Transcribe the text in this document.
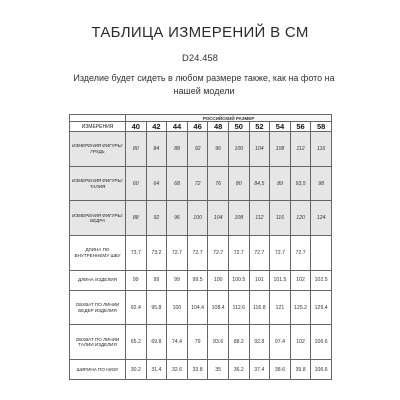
ТАБЛИЦА ИЗМЕРЕНИЙ В СМ
D24.458
Изделие будет сидеть в любом размере также, как на фото на нашей модели
	РОССИЙСКИЙ РАЗМЕР									
ИЗМЕРЕНИЯ	40	42	44	46	48	50	52	54	56	58
ИЗМЕРЕНИЯ ФИГУРЫ: ГРУДЬ	80	84	88	92	96	100	104	108	112	116
ИЗМЕРЕНИЯ ФИГУРЫ: ТАЛИЯ	60	64	68	72	76	80	84,5	89	93,5	98
ИЗМЕРЕНИЯ ФИГУРЫ: БЕДРА	88	92	96	100	104	108	112	116	120	124
ДЛИНА ПО ВНУТРЕННЕМУ ШВУ	73.7	73.2	72.7	72.7	72.7	72.7	72.7	72.7	72.7	
ДЛИНА ИЗДЕЛИЯ	99	99	99	99.5	100	100.5	101	101.5	102	102.5
ОБХВАТ ПО ЛИНИИ БЕДЕР ИЗДЕЛИЯ	92.4	95.8	100	104.4	108.4	112.6	116.8	121	125.2	129.4
ОБХВАТ ПО ЛИНИИ ТАЛИИ ИЗДЕЛИЯ	65.2	69.8	74.4	79	83.6	88.2	92.8	97.4	102	106.6
ШИРИНА ПО НИЗУ	30.2	31.4	32.6	33.8	35	36.2	37.4	38.6	39.8	106.6
